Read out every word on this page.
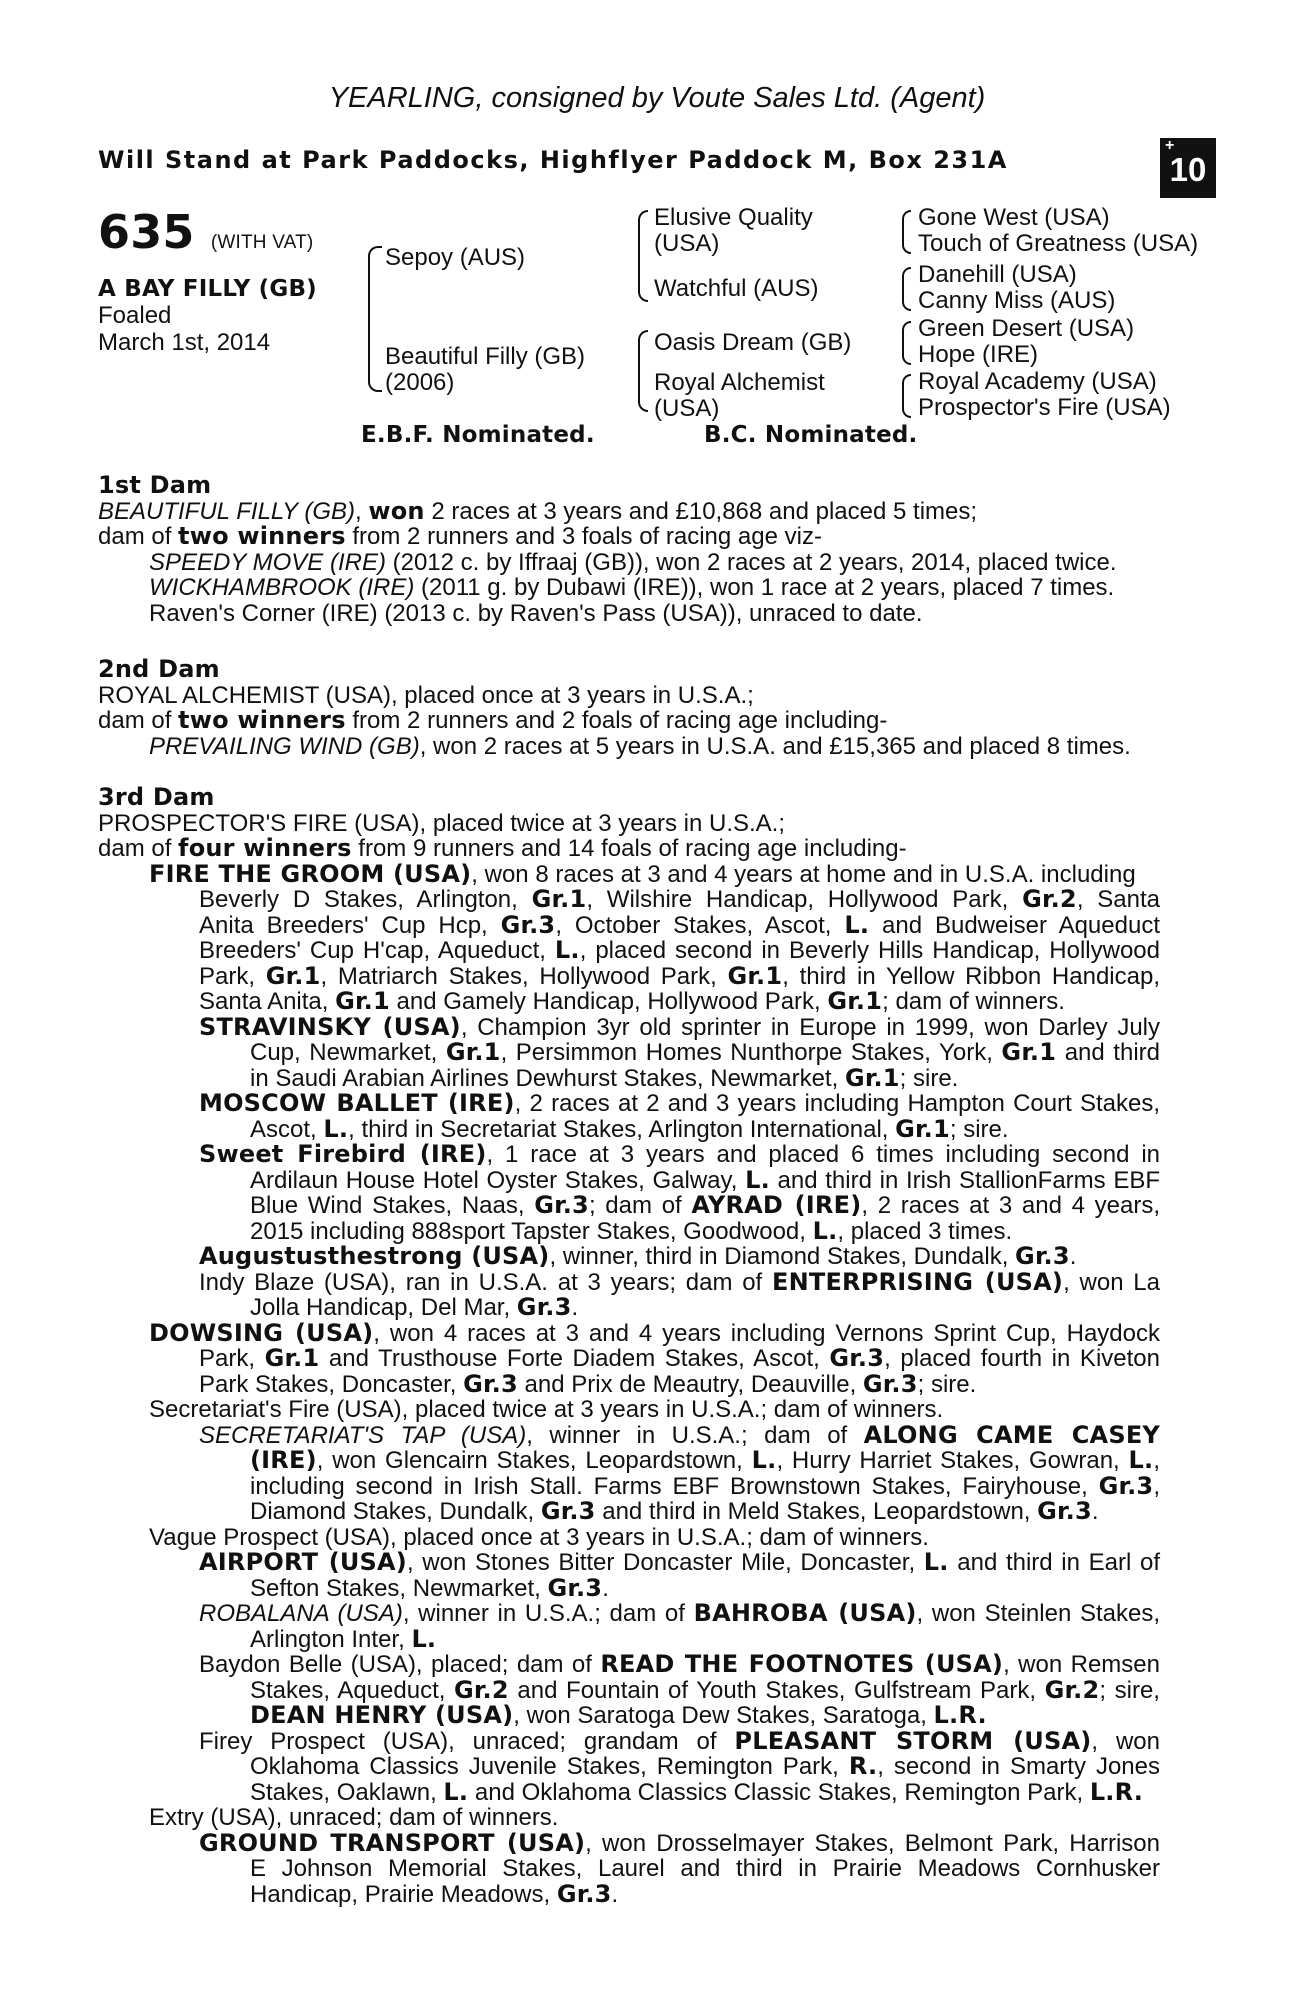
YEARLING, consigned by Voute Sales Ltd. (Agent)
Will Stand at Park Paddocks, Highflyer Paddock M, Box 231A
+
10
635 (WITH VAT)
A BAY FILLY (GB)
Foaled
March 1st, 2014
Sepoy (AUS)
Beautiful Filly (GB)
(2006)
Elusive Quality
(USA)
Watchful (AUS)
Oasis Dream (GB)
Royal Alchemist
(USA)
Gone West (USA)
Touch of Greatness (USA)
Danehill (USA)
Canny Miss (AUS)
Green Desert (USA)
Hope (IRE)
Royal Academy (USA)
Prospector's Fire (USA)
E.B.F. Nominated.	B.C. Nominated.
1st Dam
BEAUTIFUL FILLY (GB), won 2 races at 3 years and £10,868 and placed 5 times;
dam of two winners from 2 runners and 3 foals of racing age viz-
SPEEDY MOVE (IRE) (2012 c. by Iffraaj (GB)), won 2 races at 2 years, 2014, placed twice.
WICKHAMBROOK (IRE) (2011 g. by Dubawi (IRE)), won 1 race at 2 years, placed 7 times.
Raven's Corner (IRE) (2013 c. by Raven's Pass (USA)), unraced to date.
2nd Dam
ROYAL ALCHEMIST (USA), placed once at 3 years in U.S.A.;
dam of two winners from 2 runners and 2 foals of racing age including-
PREVAILING WIND (GB), won 2 races at 5 years in U.S.A. and £15,365 and placed 8 times.
3rd Dam
PROSPECTOR'S FIRE (USA), placed twice at 3 years in U.S.A.;
dam of four winners from 9 runners and 14 foals of racing age including-
FIRE THE GROOM (USA), won 8 races at 3 and 4 years at home and in U.S.A. including
Beverly D Stakes, Arlington, Gr.1, Wilshire Handicap, Hollywood Park, Gr.2, Santa
Anita Breeders' Cup Hcp, Gr.3, October Stakes, Ascot, L. and Budweiser Aqueduct
Breeders' Cup H'cap, Aqueduct, L., placed second in Beverly Hills Handicap, Hollywood
Park, Gr.1, Matriarch Stakes, Hollywood Park, Gr.1, third in Yellow Ribbon Handicap,
Santa Anita, Gr.1 and Gamely Handicap, Hollywood Park, Gr.1; dam of winners.
STRAVINSKY (USA), Champion 3yr old sprinter in Europe in 1999, won Darley July
Cup, Newmarket, Gr.1, Persimmon Homes Nunthorpe Stakes, York, Gr.1 and third
in Saudi Arabian Airlines Dewhurst Stakes, Newmarket, Gr.1; sire.
MOSCOW BALLET (IRE), 2 races at 2 and 3 years including Hampton Court Stakes,
Ascot, L., third in Secretariat Stakes, Arlington International, Gr.1; sire.
Sweet Firebird (IRE), 1 race at 3 years and placed 6 times including second in
Ardilaun House Hotel Oyster Stakes, Galway, L. and third in Irish StallionFarms EBF
Blue Wind Stakes, Naas, Gr.3; dam of AYRAD (IRE), 2 races at 3 and 4 years,
2015 including 888sport Tapster Stakes, Goodwood, L., placed 3 times.
Augustusthestrong (USA), winner, third in Diamond Stakes, Dundalk, Gr.3.
Indy Blaze (USA), ran in U.S.A. at 3 years; dam of ENTERPRISING (USA), won La
Jolla Handicap, Del Mar, Gr.3.
DOWSING (USA), won 4 races at 3 and 4 years including Vernons Sprint Cup, Haydock
Park, Gr.1 and Trusthouse Forte Diadem Stakes, Ascot, Gr.3, placed fourth in Kiveton
Park Stakes, Doncaster, Gr.3 and Prix de Meautry, Deauville, Gr.3; sire.
Secretariat's Fire (USA), placed twice at 3 years in U.S.A.; dam of winners.
SECRETARIAT'S TAP (USA), winner in U.S.A.; dam of ALONG CAME CASEY
(IRE), won Glencairn Stakes, Leopardstown, L., Hurry Harriet Stakes, Gowran, L.,
including second in Irish Stall. Farms EBF Brownstown Stakes, Fairyhouse, Gr.3,
Diamond Stakes, Dundalk, Gr.3 and third in Meld Stakes, Leopardstown, Gr.3.
Vague Prospect (USA), placed once at 3 years in U.S.A.; dam of winners.
AIRPORT (USA), won Stones Bitter Doncaster Mile, Doncaster, L. and third in Earl of
Sefton Stakes, Newmarket, Gr.3.
ROBALANA (USA), winner in U.S.A.; dam of BAHROBA (USA), won Steinlen Stakes,
Arlington Inter, L.
Baydon Belle (USA), placed; dam of READ THE FOOTNOTES (USA), won Remsen
Stakes, Aqueduct, Gr.2 and Fountain of Youth Stakes, Gulfstream Park, Gr.2; sire,
DEAN HENRY (USA), won Saratoga Dew Stakes, Saratoga, L.R.
Firey Prospect (USA), unraced; grandam of PLEASANT STORM (USA), won
Oklahoma Classics Juvenile Stakes, Remington Park, R., second in Smarty Jones
Stakes, Oaklawn, L. and Oklahoma Classics Classic Stakes, Remington Park, L.R.
Extry (USA), unraced; dam of winners.
GROUND TRANSPORT (USA), won Drosselmayer Stakes, Belmont Park, Harrison
E Johnson Memorial Stakes, Laurel and third in Prairie Meadows Cornhusker
Handicap, Prairie Meadows, Gr.3.
